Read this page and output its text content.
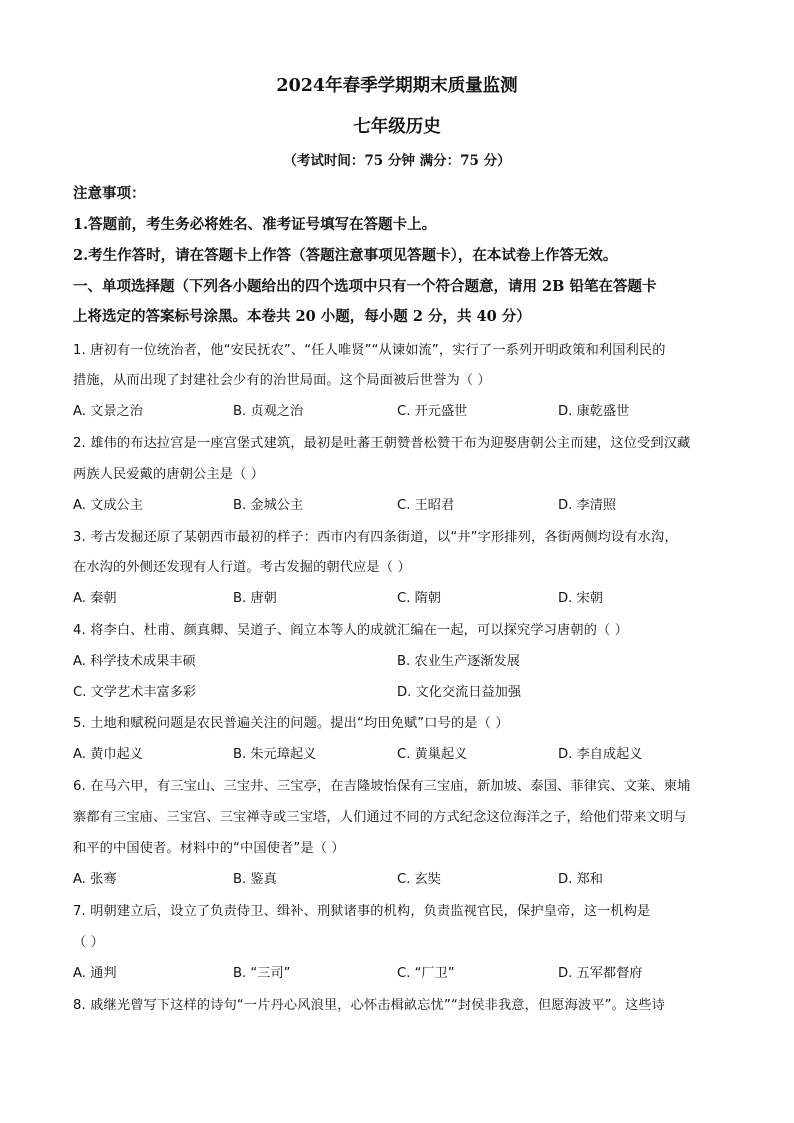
2024年春季学期期末质量监测
七年级历史
（考试时间：75 分钟 满分：75 分）
注意事项：
1.答题前，考生务必将姓名、准考证号填写在答题卡上。
2.考生作答时，请在答题卡上作答（答题注意事项见答题卡），在本试卷上作答无效。
一、单项选择题（下列各小题给出的四个选项中只有一个符合题意，请用 2B 铅笔在答题卡
上将选定的答案标号涂黑。本卷共 20 小题，每小题 2 分，共 40 分）
1. 唐初有一位统治者，他“安民抚农”、“任人唯贤”“从谏如流”，实行了一系列开明政策和利国利民的
措施，从而出现了封建社会少有的治世局面。这个局面被后世誉为（ ）
A. 文景之治	B. 贞观之治	C. 开元盛世	D. 康乾盛世
2. 雄伟的布达拉宫是一座宫堡式建筑，最初是吐蕃王朝赞普松赞干布为迎娶唐朝公主而建，这位受到汉藏
两族人民爱戴的唐朝公主是（ ）
A. 文成公主	B. 金城公主	C. 王昭君	D. 李清照
3. 考古发掘还原了某朝西市最初的样子：西市内有四条街道，以“井”字形排列，各街两侧均设有水沟，
在水沟的外侧还发现有人行道。考古发掘的朝代应是（ ）
A. 秦朝	B. 唐朝	C. 隋朝	D. 宋朝
4. 将李白、杜甫、颜真卿、吴道子、阎立本等人的成就汇编在一起，可以探究学习唐朝的（ ）
A. 科学技术成果丰硕	B. 农业生产逐渐发展
C. 文学艺术丰富多彩	D. 文化交流日益加强
5. 土地和赋税问题是农民普遍关注的问题。提出“均田免赋”口号的是（ ）
A. 黄巾起义	B. 朱元璋起义	C. 黄巢起义	D. 李自成起义
6. 在马六甲，有三宝山、三宝井、三宝亭，在吉隆坡怡保有三宝庙，新加坡、泰国、菲律宾、文莱、柬埔
寨都有三宝庙、三宝宫、三宝禅寺或三宝塔，人们通过不同的方式纪念这位海洋之子，给他们带来文明与
和平的中国使者。材料中的“中国使者”是（ ）
A. 张骞	B. 鉴真	C. 玄奘	D. 郑和
7. 明朝建立后，设立了负责侍卫、缉补、刑狱诸事的机构，负责监视官民，保护皇帝，这一机构是
（ ）
A. 通判	B. “三司”	C. “厂卫”	D. 五军都督府
8. 戚继光曾写下这样的诗句“一片丹心风浪里，心怀击楫畝忘忧”“封侯非我意，但愿海波平”。这些诗
